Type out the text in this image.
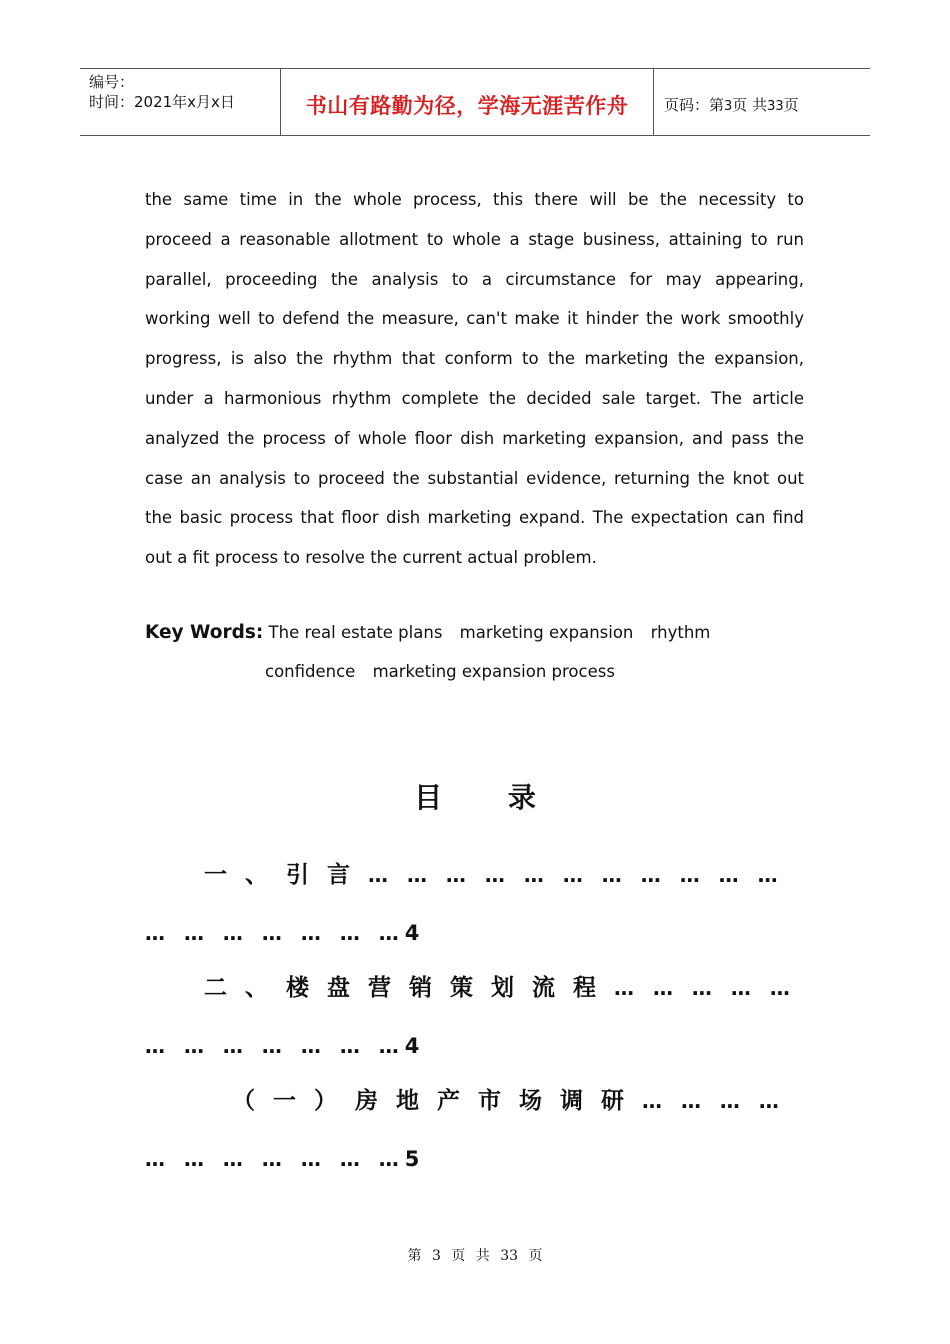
编号：
时间：2021年x月x日	书山有路勤为径，学海无涯苦作舟	页码：第3页 共33页

the same time in the whole process, this there will be the necessity to

proceed a reasonable allotment to whole a stage business, attaining to run

parallel, proceeding the analysis to a circumstance for may appearing,

working well to defend the measure, can't make it hinder the work smoothly

progress, is also the rhythm that conform to the marketing the expansion,

under a harmonious rhythm complete the decided sale target. The article

analyzed the process of whole floor dish marketing expansion, and pass the

case an analysis to proceed the substantial evidence, returning the knot out

the basic process that floor dish marketing expand. The expectation can find

out a fit process to resolve the current actual problem.

Key Words: The real estate plans marketing expansion rhythm
confidence marketing expansion process
目 录
一、引言… … … … … … … … … … …
… … … … … … …4
二、楼盘营销策划流程… … … … …
… … … … … … …4
（一）房地产市场调研… … … …
… … … … … … …5
第 3 页 共 33 页
